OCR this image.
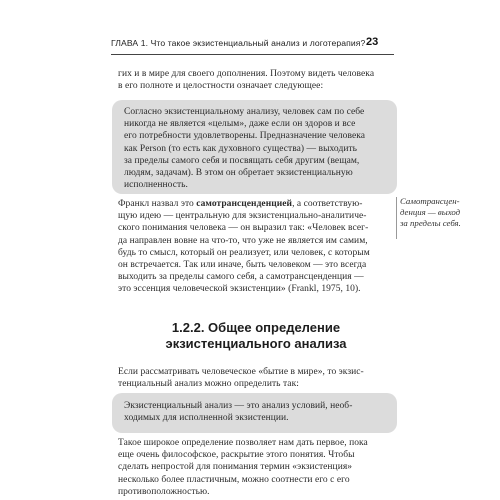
ГЛАВА 1. Что такое экзистенциальный анализ и логотерапия? 23

гих и в мире для своего дополнения. Поэтому видеть человека
в его полноте и целостности означает следующее:

Согласно экзистенциальному анализу, человек сам по себе
никогда не является «целым», даже если он здоров и все
его потребности удовлетворены. Предназначение человека
как Person (то есть как духовного существа) — выходить
за пределы самого себя и посвящать себя другим (вещам,
людям, задачам). В этом он обретает экзистенциальную
исполненность.

Франкл назвал это самотрансценденцией, а соответствую-
щую идею — центральную для экзистенциально-аналитиче-
ского понимания человека — он выразил так: «Человек всег-
да направлен вовне на что-то, что уже не является им самим,
будь то смысл, который он реализует, или человек, с которым
он встречается. Так или иначе, быть человеком — это всегда
выходить за пределы самого себя, а самотрансценденция —
это эссенция человеческой экзистенции» (Frankl, 1975, 10).

Самотрансцен-
денция — выход
за пределы себя.
1.2.2. Общее определение
экзистенциального анализа

Если рассматривать человеческое «бытие в мире», то экзис-
тенциальный анализ можно определить так:

Экзистенциальный анализ — это анализ условий, необ-
ходимых для исполненной экзистенции.

Такое широкое определение позволяет нам дать первое, пока
еще очень философское, раскрытие этого понятия. Чтобы
сделать непростой для понимания термин «экзистенция»
несколько более пластичным, можно соотнести его с его
противоположностью.
